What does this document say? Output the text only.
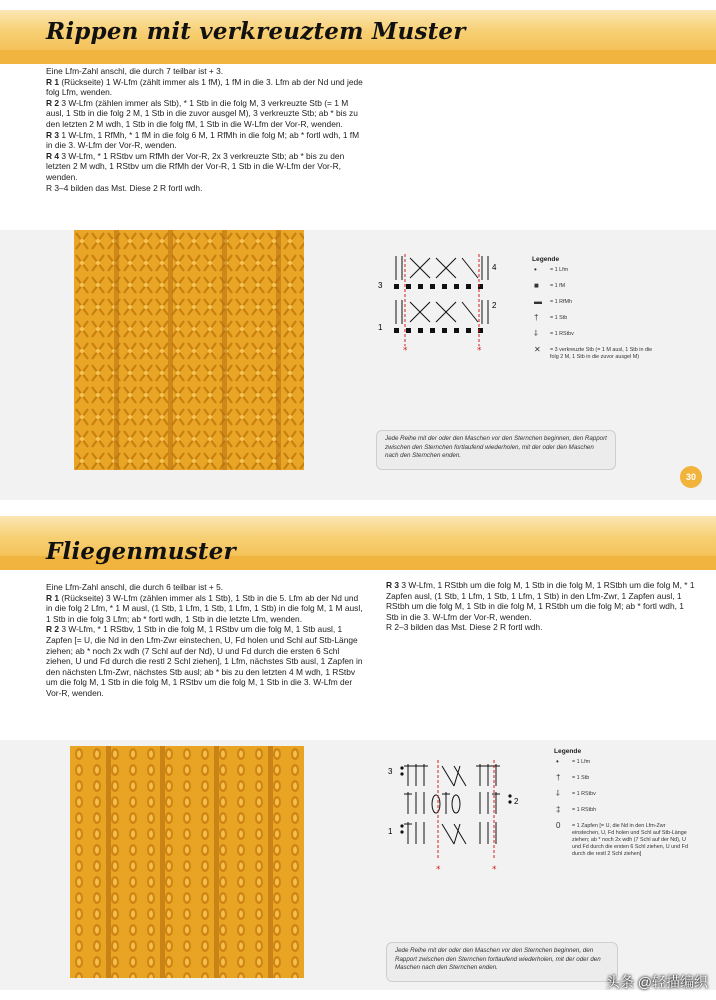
Rippen mit verkreuztem Muster

Eine Lfm-Zahl anschl, die durch 7 teilbar ist + 3.

R 1 (Rückseite) 1 W-Lfm (zählt immer als 1 fM), 1 fM in die 3. Lfm ab der Nd und jede folg Lfm, wenden.

R 2 3 W-Lfm (zählen immer als Stb), * 1 Stb in die folg M, 3 verkreuzte Stb (= 1 M ausl, 1 Stb in die folg 2 M, 1 Stb in die zuvor ausgel M), 3 verkreuzte Stb; ab * bis zu den letzten 2 M wdh, 1 Stb in die folg fM, 1 Stb in die W-Lfm der Vor-R, wenden.

R 3 1 W-Lfm, 1 RfMh, * 1 fM in die folg 6 M, 1 RfMh in die folg M; ab * fortl wdh, 1 fM in die 3. W-Lfm der Vor-R, wenden.

R 4 3 W-Lfm, * 1 RStbv um RfMh der Vor-R, 2x 3 verkreuzte Stb; ab * bis zu den letzten 2 M wdh, 1 RStbv um die RfMh der Vor-R, 1 Stb in die W-Lfm der Vor-R, wenden.

R 3–4 bilden das Mst. Diese 2 R fortl wdh.

*	*
3
1
4
2
Legende
• = 1 Lfm
■ = 1 fM
▬ = 1 RfMh
† = 1 Stb
⸸ = 1 RStbv
✕ = 3 verkreuzte Stb (= 1 M ausl, 1 Stb in die folg 2 M, 1 Stb in die zuvor ausgel M)
Jede Reihe mit der oder den Maschen vor den Sternchen beginnen, den Rapport zwischen den Sternchen fortlaufend wiederholen, mit der oder den Maschen nach den Sternchen enden.
30
Fliegenmuster

Eine Lfm-Zahl anschl, die durch 6 teilbar ist + 5.

R 1 (Rückseite) 3 W-Lfm (zählen immer als 1 Stb), 1 Stb in die 5. Lfm ab der Nd und in die folg 2 Lfm, * 1 M ausl, (1 Stb, 1 Lfm, 1 Stb, 1 Lfm, 1 Stb) in die folg M, 1 M ausl, 1 Stb in die folg 3 Lfm; ab * fortl wdh, 1 Stb in die letzte Lfm, wenden.

R 2 3 W-Lfm, * 1 RStbv, 1 Stb in die folg M, 1 RStbv um die folg M, 1 Stb ausl, 1 Zapfen [= U, die Nd in den Lfm-Zwr einstechen, U, Fd holen und Schl auf Stb-Länge ziehen; ab * noch 2x wdh (7 Schl auf der Nd), U und Fd durch die ersten 6 Schl ziehen, U und Fd durch die restl 2 Schl ziehen], 1 Lfm, nächstes Stb ausl, 1 Zapfen in den nächsten Lfm-Zwr, nächstes Stb ausl; ab * bis zu den letzten 4 M wdh, 1 RStbv um die folg M, 1 Stb in die folg M, 1 RStbv um die folg M, 1 Stb in die 3. W-Lfm der Vor-R, wenden.

R 3 3 W-Lfm, 1 RStbh um die folg M, 1 Stb in die folg M, 1 RStbh um die folg M, * 1 Zapfen ausl, (1 Stb, 1 Lfm, 1 Stb, 1 Lfm, 1 Stb) in den Lfm-Zwr, 1 Zapfen ausl, 1 RStbh um die folg M, 1 Stb in die folg M, 1 RStbh um die folg M; ab * fortl wdh, 1 Stb in die 3. W-Lfm der Vor-R, wenden.

R 2–3 bilden das Mst. Diese 2 R fortl wdh.

*	*
3
1
2
Legende
• = 1 Lfm
† = 1 Stb
⸸ = 1 RStbv
‡ = 1 RStbh
0 = 1 Zapfen [= U, die Nd in den Lfm-Zwr einstechen, U, Fd holen und Schl auf Stb-Länge ziehen; ab * noch 2x wdh (7 Schl auf der Nd), U und Fd durch die ersten 6 Schl ziehen, U und Fd durch die restl 2 Schl ziehen]
Jede Reihe mit der oder den Maschen vor den Sternchen beginnen, den Rapport zwischen den Sternchen fortlaufend wiederholen, mit der oder den Maschen nach den Sternchen enden.
头条 @轻描编织
